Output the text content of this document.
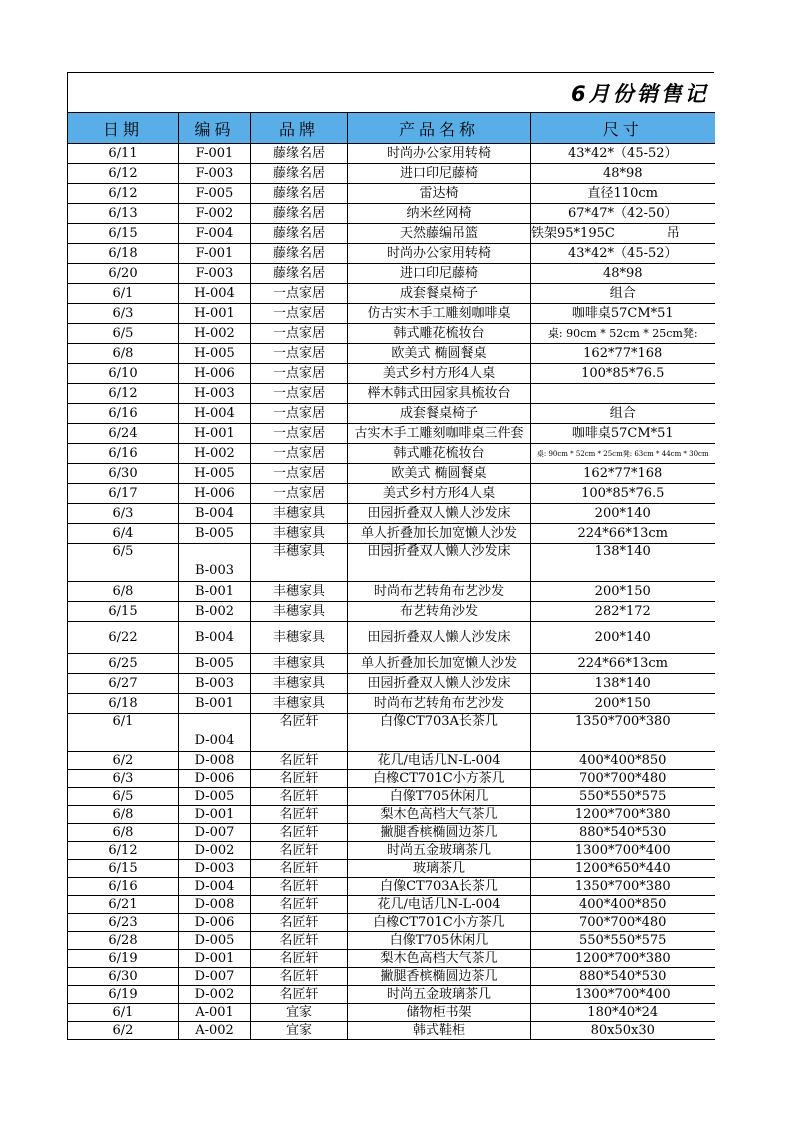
6月份销售记
日期	编码	品牌	产品名称	尺寸
6/11	F-001	藤缘名居	时尚办公家用转椅	43*42*（45-52）
6/12	F-003	藤缘名居	进口印尼藤椅	48*98
6/12	F-005	藤缘名居	雷达椅	直径110cm
6/13	F-002	藤缘名居	纳米丝网椅	67*47*（42-50）
6/15	F-004	藤缘名居	天然藤编吊篮	铁架95*195C　　　　吊
6/18	F-001	藤缘名居	时尚办公家用转椅	43*42*（45-52）
6/20	F-003	藤缘名居	进口印尼藤椅	48*98
6/1	H-004	一点家居	成套餐桌椅子	组合
6/3	H-001	一点家居	仿古实木手工雕刻咖啡桌	咖啡桌57CM*51
6/5	H-002	一点家居	韩式雕花梳妆台	桌: 90cm * 52cm * 25cm凳:
6/8	H-005	一点家居	欧美式 椭圆餐桌	162*77*168
6/10	H-006	一点家居	美式乡村方形4人桌	100*85*76.5
6/12	H-003	一点家居	榉木韩式田园家具梳妆台	
6/16	H-004	一点家居	成套餐桌椅子	组合
6/24	H-001	一点家居	古实木手工雕刻咖啡桌三件套	咖啡桌57CM*51
6/16	H-002	一点家居	韩式雕花梳妆台	桌: 90cm * 52cm * 25cm凳: 63cm * 44cm * 30cm
6/30	H-005	一点家居	欧美式 椭圆餐桌	162*77*168
6/17	H-006	一点家居	美式乡村方形4人桌	100*85*76.5
6/3	B-004	丰穗家具	田园折叠双人懒人沙发床	200*140
6/4	B-005	丰穗家具	单人折叠加长加宽懒人沙发	224*66*13cm
6/5	B-003	丰穗家具	田园折叠双人懒人沙发床	138*140
6/8	B-001	丰穗家具	时尚布艺转角布艺沙发	200*150
6/15	B-002	丰穗家具	布艺转角沙发	282*172
6/22	B-004	丰穗家具	田园折叠双人懒人沙发床	200*140
6/25	B-005	丰穗家具	单人折叠加长加宽懒人沙发	224*66*13cm
6/27	B-003	丰穗家具	田园折叠双人懒人沙发床	138*140
6/18	B-001	丰穗家具	时尚布艺转角布艺沙发	200*150
6/1	D-004	名匠轩	白像CT703A长茶几	1350*700*380
6/2	D-008	名匠轩	花几/电话几N-L-004	400*400*850
6/3	D-006	名匠轩	白橡CT701C小方茶几	700*700*480
6/5	D-005	名匠轩	白像T705休闲几	550*550*575
6/8	D-001	名匠轩	梨木色高档大气茶几	1200*700*380
6/8	D-007	名匠轩	撇腿香槟椭圆边茶几	880*540*530
6/12	D-002	名匠轩	时尚五金玻璃茶几	1300*700*400
6/15	D-003	名匠轩	玻璃茶几	1200*650*440
6/16	D-004	名匠轩	白像CT703A长茶几	1350*700*380
6/21	D-008	名匠轩	花几/电话几N-L-004	400*400*850
6/23	D-006	名匠轩	白橡CT701C小方茶几	700*700*480
6/28	D-005	名匠轩	白像T705休闲几	550*550*575
6/19	D-001	名匠轩	梨木色高档大气茶几	1200*700*380
6/30	D-007	名匠轩	撇腿香槟椭圆边茶几	880*540*530
6/19	D-002	名匠轩	时尚五金玻璃茶几	1300*700*400
6/1	A-001	宜家	储物柜书架	180*40*24
6/2	A-002	宜家	韩式鞋柜	80x50x30
